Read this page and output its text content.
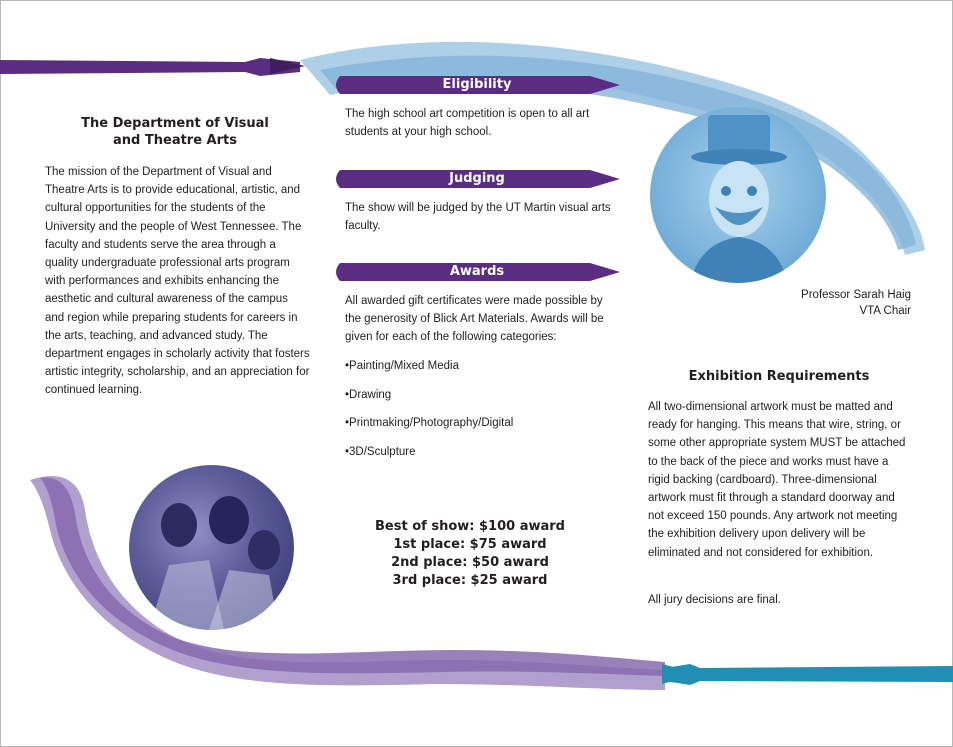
The Department of Visual
and Theatre Arts
The mission of the Department of Visual and Theatre Arts is to provide educational, artistic, and cultural opportunities for the students of the University and the people of West Tennessee. The faculty and students serve the area through a quality undergraduate professional arts program with performances and exhibits enhancing the aesthetic and cultural awareness of the campus and region while preparing students for careers in the arts, teaching, and advanced study. The department engages in scholarly activity that fosters artistic integrity, scholarship, and an appreciation for continued learning.
Eligibility
The high school art competition is open to all art students at your high school.
Judging
The show will be judged by the UT Martin visual arts faculty.
Awards
All awarded gift certificates were made possible by the generosity of Blick Art Materials. Awards will be given for each of the following categories:
•Painting/Mixed Media
•Drawing
•Printmaking/Photography/Digital
•3D/Sculpture
Best of show: $100 award
1st place: $75 award
2nd place: $50 award
3rd place: $25 award
Professor Sarah Haig
VTA Chair
Exhibition Requirements
All two-dimensional artwork must be matted and ready for hanging. This means that wire, string, or some other appropriate system MUST be attached to the back of the piece and works must have a rigid backing (cardboard). Three-dimensional artwork must fit through a standard doorway and not exceed 150 pounds. Any artwork not meeting the exhibition delivery upon delivery will be eliminated and not considered for exhibition.
All jury decisions are final.
